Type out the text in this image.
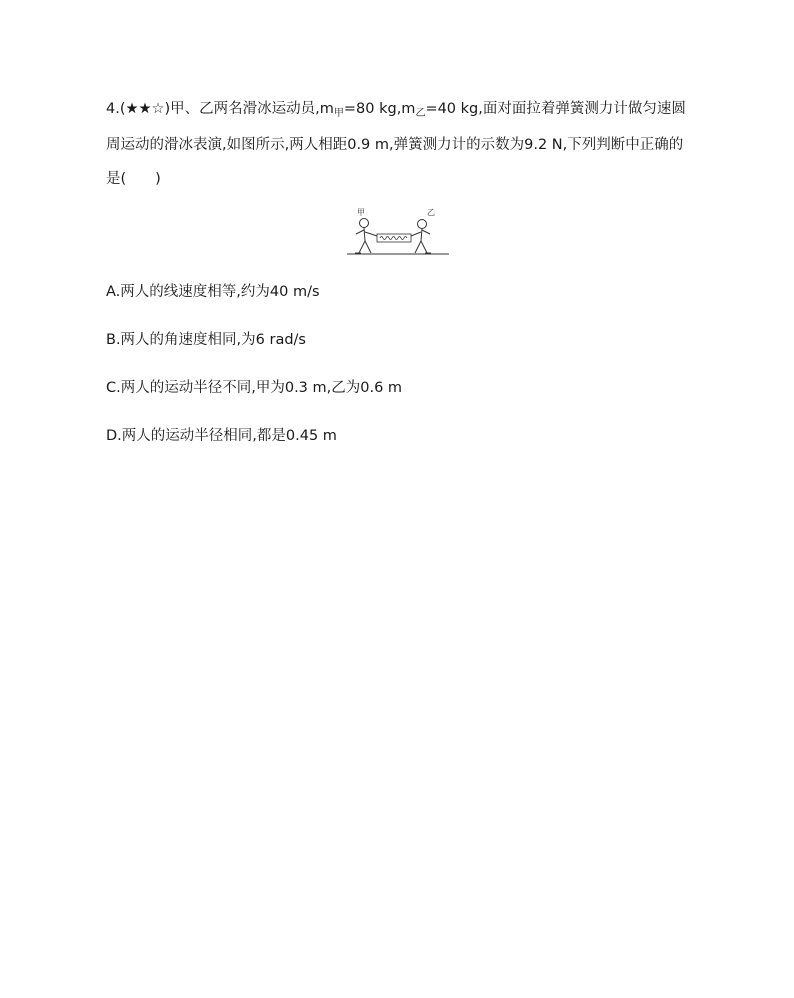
4.(★★☆)甲、乙两名滑冰运动员$,m_甲=80$ $kg,m_乙=40$ kg,面对面拉着弹簧测力计做匀速圆周运动的滑冰表演,如图所示,两人相距0.9 m,弹簧测力计的示数为9.2 N,下列判断中正确的是(　　)

甲	乙

A.两人的线速度相等,约为40 m/s

B.两人的角速度相同,为6 rad/s

C.两人的运动半径不同,甲为0.3 m,乙为0.6 m

D.两人的运动半径相同,都是0.45 m
